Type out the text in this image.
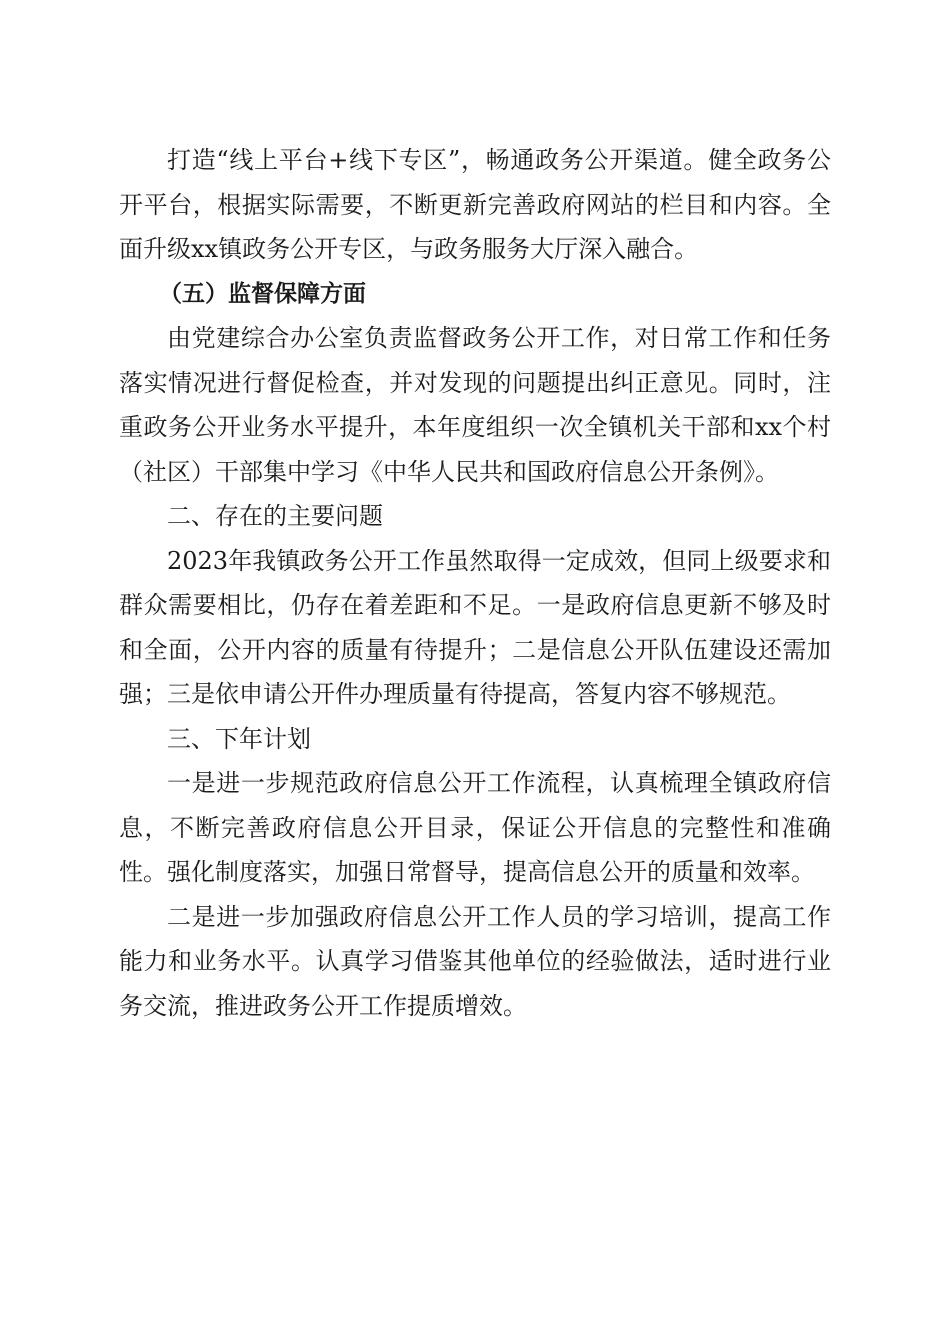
打造“线上平台+线下专区”，畅通政务公开渠道。健全政务公开平台，根据实际需要，不断更新完善政府网站的栏目和内容。全面升级xx镇政务公开专区，与政务服务大厅深入融合。

（五）监督保障方面

由党建综合办公室负责监督政务公开工作，对日常工作和任务落实情况进行督促检查，并对发现的问题提出纠正意见。同时，注重政务公开业务水平提升，本年度组织一次全镇机关干部和xx个村（社区）干部集中学习《中华人民共和国政府信息公开条例》。

二、存在的主要问题

2023年我镇政务公开工作虽然取得一定成效，但同上级要求和群众需要相比，仍存在着差距和不足。一是政府信息更新不够及时和全面，公开内容的质量有待提升；二是信息公开队伍建设还需加强；三是依申请公开件办理质量有待提高，答复内容不够规范。

三、下年计划

一是进一步规范政府信息公开工作流程，认真梳理全镇政府信息，不断完善政府信息公开目录，保证公开信息的完整性和准确性。强化制度落实，加强日常督导，提高信息公开的质量和效率。

二是进一步加强政府信息公开工作人员的学习培训，提高工作能力和业务水平。认真学习借鉴其他单位的经验做法，适时进行业务交流，推进政务公开工作提质增效。
